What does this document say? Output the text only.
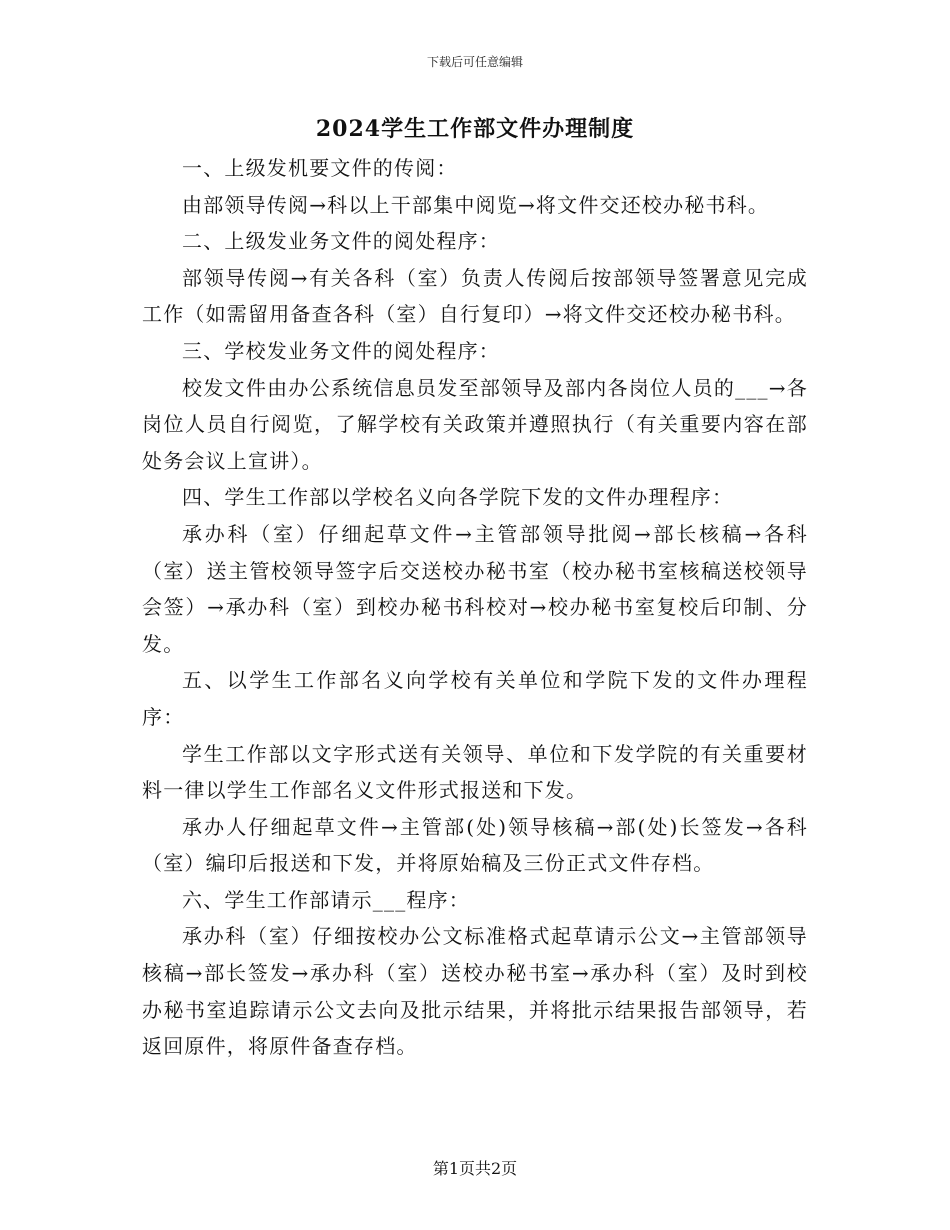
下载后可任意编辑
2024学生工作部文件办理制度

一、上级发机要文件的传阅：

由部领导传阅→科以上干部集中阅览→将文件交还校办秘书科。

二、上级发业务文件的阅处程序：

部领导传阅→有关各科（室）负责人传阅后按部领导签署意见完成工作（如需留用备查各科（室）自行复印）→将文件交还校办秘书科。

三、学校发业务文件的阅处程序：

校发文件由办公系统信息员发至部领导及部内各岗位人员的___→各岗位人员自行阅览，了解学校有关政策并遵照执行（有关重要内容在部处务会议上宣讲）。

四、学生工作部以学校名义向各学院下发的文件办理程序：

承办科（室）仔细起草文件→主管部领导批阅→部长核稿→各科（室）送主管校领导签字后交送校办秘书室（校办秘书室核稿送校领导会签）→承办科（室）到校办秘书科校对→校办秘书室复校后印制、分发。

五、以学生工作部名义向学校有关单位和学院下发的文件办理程序：

学生工作部以文字形式送有关领导、单位和下发学院的有关重要材料一律以学生工作部名义文件形式报送和下发。

承办人仔细起草文件→主管部(处)领导核稿→部(处)长签发→各科（室）编印后报送和下发，并将原始稿及三份正式文件存档。

六、学生工作部请示___程序：

承办科（室）仔细按校办公文标准格式起草请示公文→主管部领导核稿→部长签发→承办科（室）送校办秘书室→承办科（室）及时到校办秘书室追踪请示公文去向及批示结果，并将批示结果报告部领导，若返回原件，将原件备查存档。

第1页共2页
